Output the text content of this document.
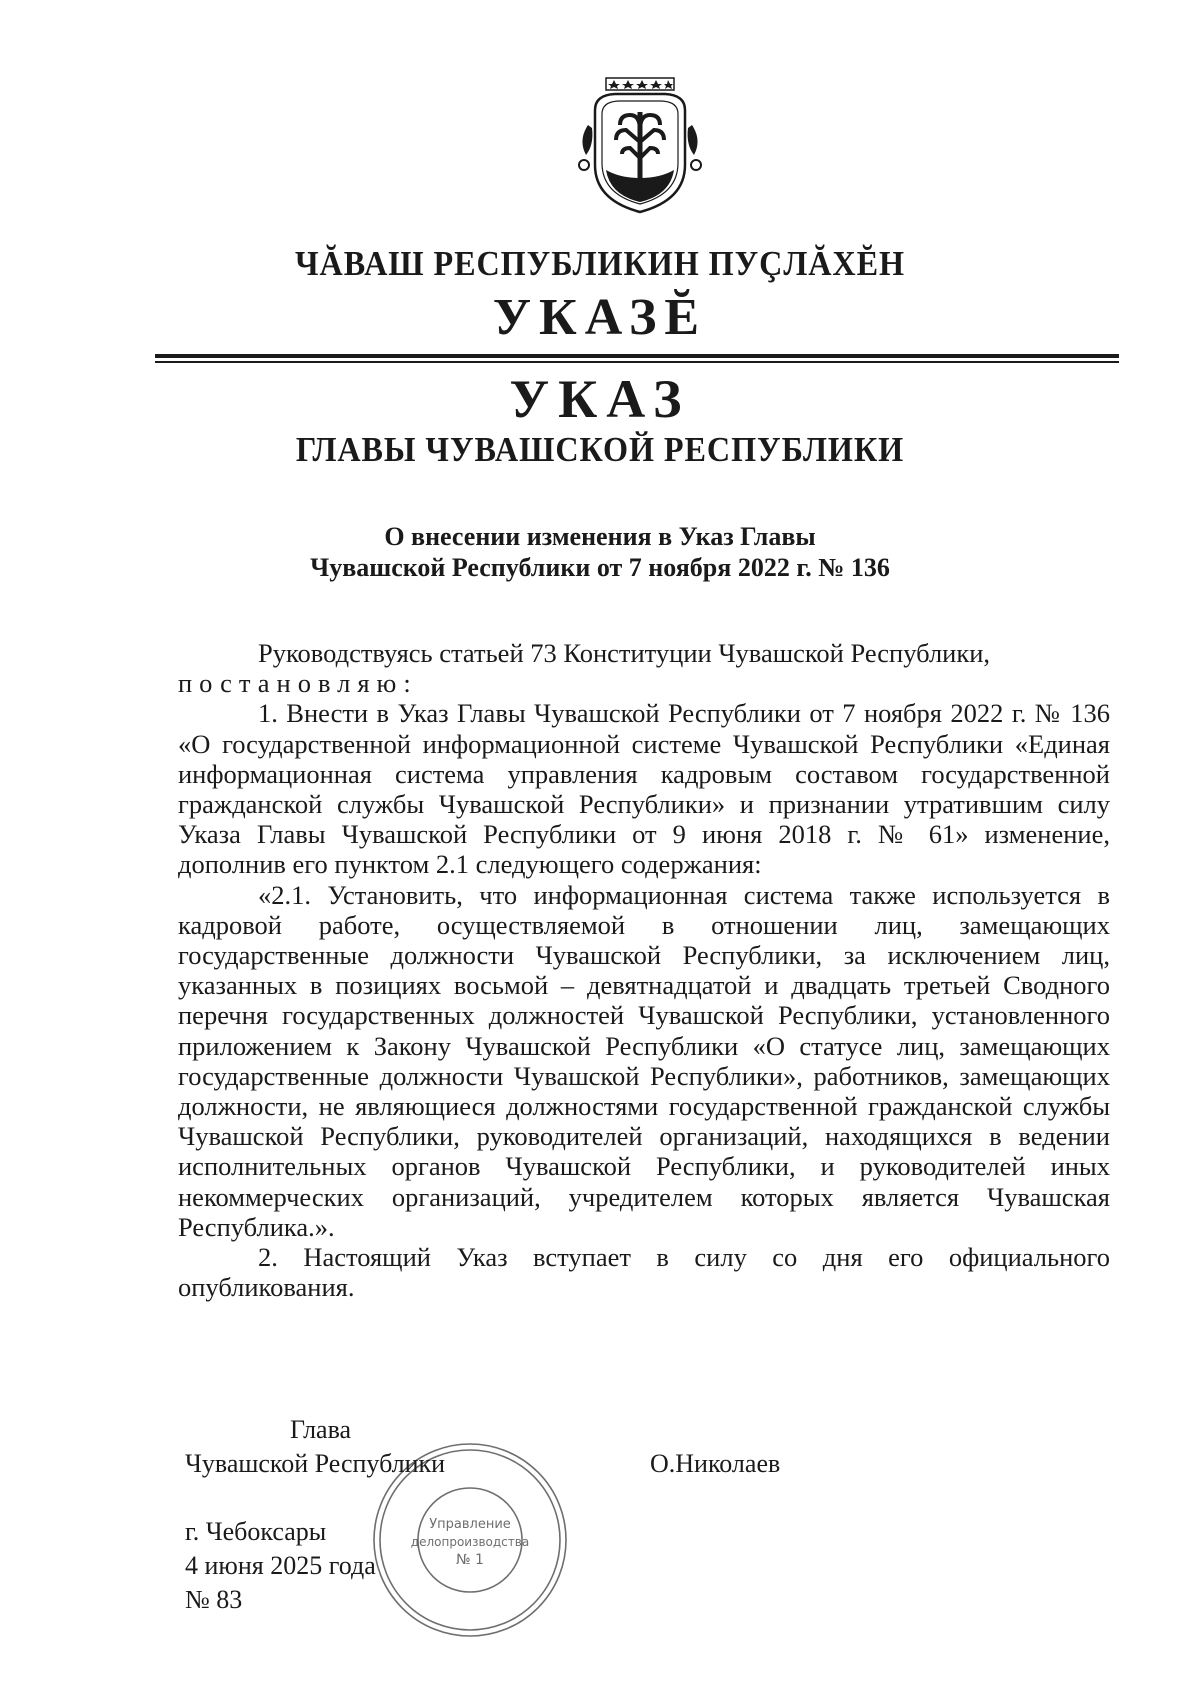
ЧĂВАШ РЕСПУБЛИКИН ПУÇЛĂХĔН
УКАЗĔ
УКАЗ
ГЛАВЫ ЧУВАШСКОЙ РЕСПУБЛИКИ
О внесении изменения в Указ Главы
Чувашской Республики от 7 ноября 2022 г. № 136

Руководствуясь статьей 73 Конституции Чувашской Республики,

постановляю:

1. Внести в Указ Главы Чувашской Республики от 7 ноября 2022 г. № 136 «О государственной информационной системе Чувашской Республики «Единая информационная система управления кадровым составом государственной гражданской службы Чувашской Республики» и признании утратившим силу Указа Главы Чувашской Республики от 9 июня 2018 г. № 61» изменение, дополнив его пунктом 2.1 следующего содержания:

«2.1. Установить, что информационная система также используется в кадровой работе, осуществляемой в отношении лиц, замещающих государственные должности Чувашской Республики, за исключением лиц, указанных в позициях восьмой – девятнадцатой и двадцать третьей Сводного перечня государственных должностей Чувашской Республики, установленного приложением к Закону Чувашской Республики «О статусе лиц, замещающих государственные должности Чувашской Республики», работников, замещающих должности, не являющиеся должностями государственной гражданской службы Чувашской Республики, руководителей организаций, находящихся в ведении исполнительных органов Чувашской Республики, и руководителей иных некоммерческих организаций, учредителем которых является Чувашская Республика.».

2. Настоящий Указ вступает в силу со дня его официального опубликования.

Управление
делопроизводства
№ 1
Глава
Чувашской Республики	О.Николаев
г. Чебоксары
4 июня 2025 года
№ 83
